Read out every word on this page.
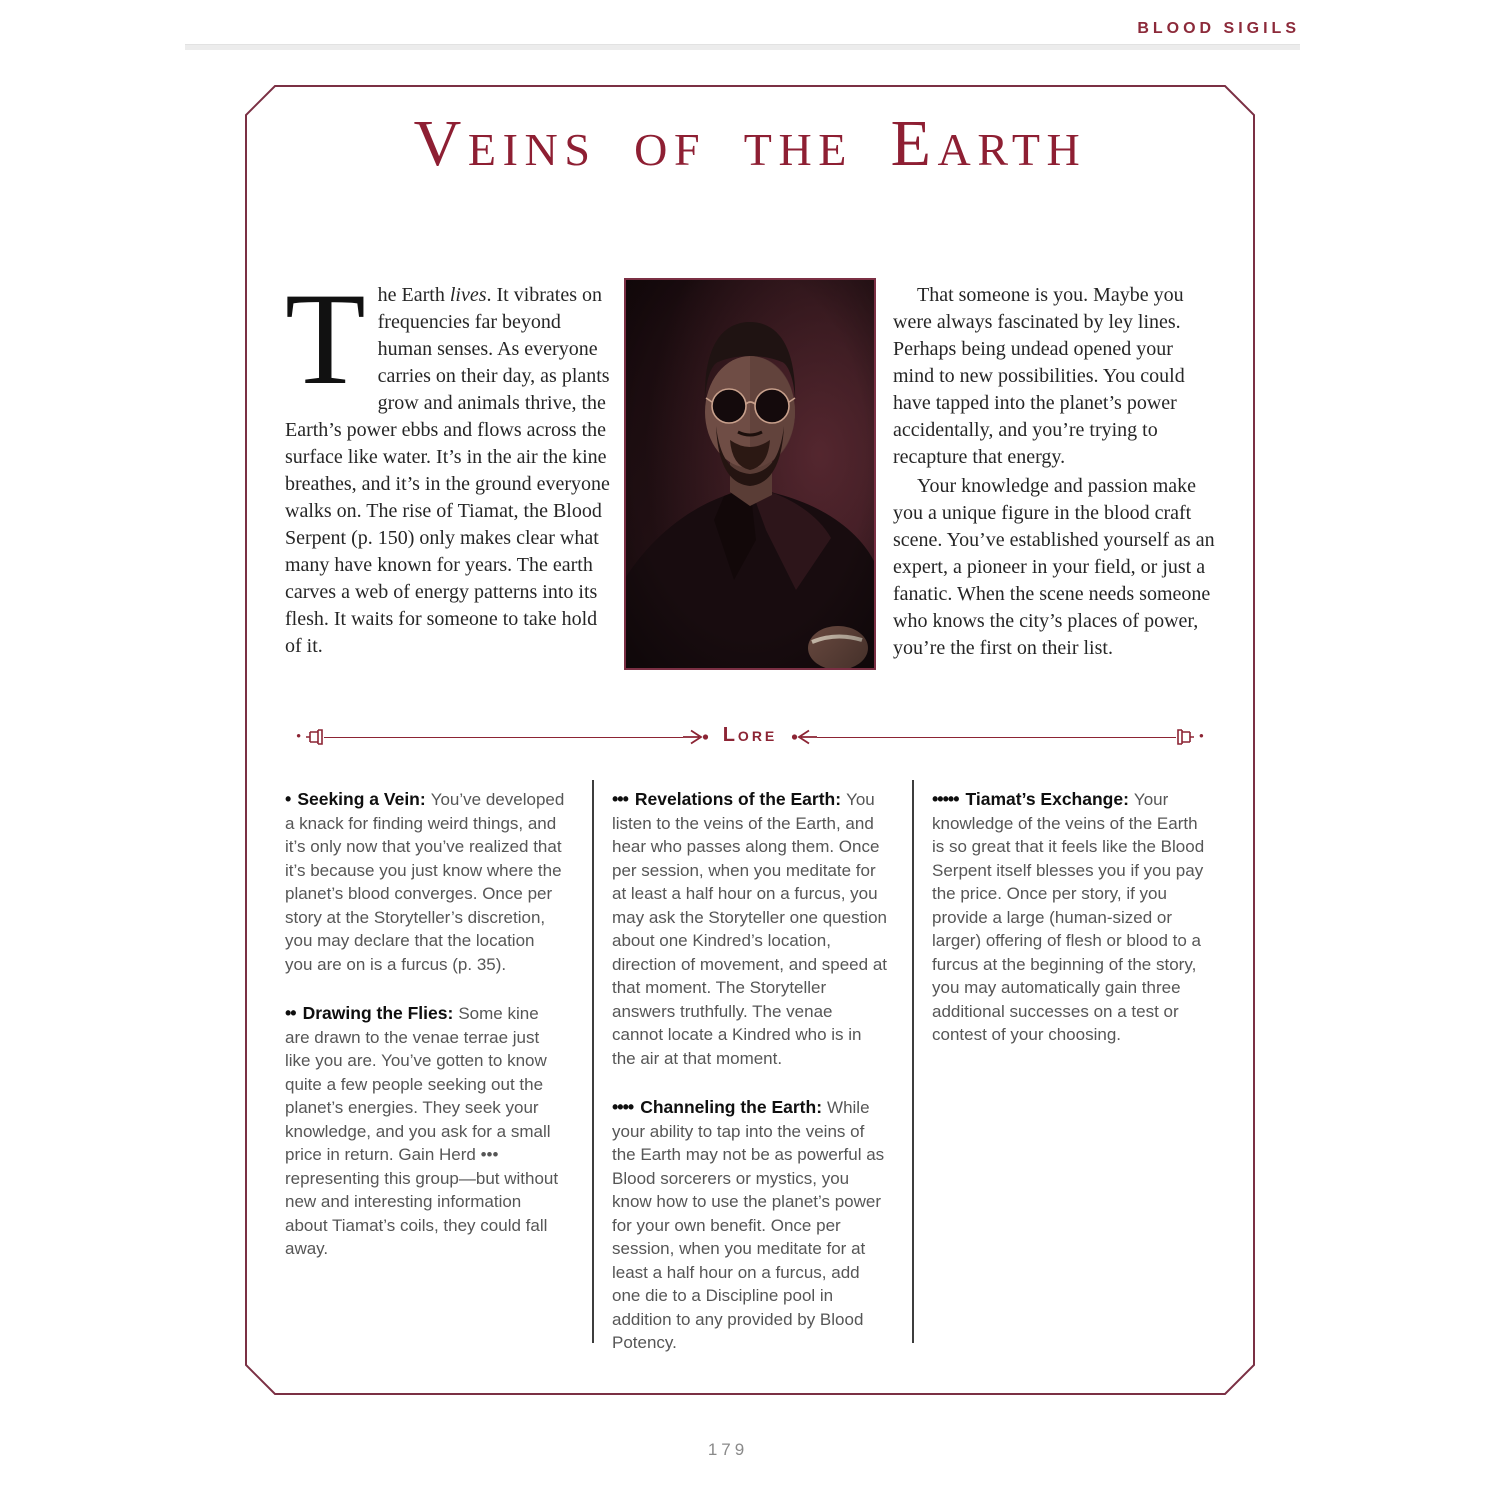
BLOOD SIGILS
Veins of the Earth
The Earth lives. It vibrates on frequencies far beyond human senses. As everyone carries on their day, as plants grow and animals thrive, the Earth’s power ebbs and flows across the surface like water. It’s in the air the kine breathes, and it’s in the ground everyone walks on. The rise of Tiamat, the Blood Serpent (p. 150) only makes clear what many have known for years. The earth carves a web of energy patterns into its flesh. It waits for someone to take hold of it.

That someone is you. Maybe you were always fascinated by ley lines. Perhaps being undead opened your mind to new possibilities. You could have tapped into the planet’s power accidentally, and you’re trying to recapture that energy.

Your knowledge and passion make you a unique figure in the blood craft scene. You’ve established yourself as an expert, a pioneer in your field, or just a fanatic. When the scene needs someone who knows the city’s places of power, you’re the first on their list.

•	Lore	•

• Seeking a Vein: You’ve developed a knack for finding weird things, and it’s only now that you’ve realized that it’s because you just know where the planet’s blood converges. Once per story at the Storyteller’s discretion, you may declare that the location you are on is a furcus (p. 35).

•• Drawing the Flies: Some kine are drawn to the venae terrae just like you are. You’ve gotten to know quite a few people seeking out the planet’s energies. They seek your knowledge, and you ask for a small price in return. Gain Herd ••• representing this group—but without new and interesting information about Tiamat’s coils, they could fall away.

••• Revelations of the Earth: You listen to the veins of the Earth, and hear who passes along them. Once per session, when you meditate for at least a half hour on a furcus, you may ask the Storyteller one question about one Kindred’s location, direction of movement, and speed at that moment. The Storyteller answers truthfully. The venae cannot locate a Kindred who is in the air at that moment.

•••• Channeling the Earth: While your ability to tap into the veins of the Earth may not be as powerful as Blood sorcerers or mystics, you know how to use the planet’s power for your own benefit. Once per session, when you meditate for at least a half hour on a furcus, add one die to a Discipline pool in addition to any provided by Blood Potency.

••••• Tiamat’s Exchange: Your knowledge of the veins of the Earth is so great that it feels like the Blood Serpent itself blesses you if you pay the price. Once per story, if you provide a large (human-sized or larger) offering of flesh or blood to a furcus at the beginning of the story, you may automatically gain three additional successes on a test or contest of your choosing.

179
